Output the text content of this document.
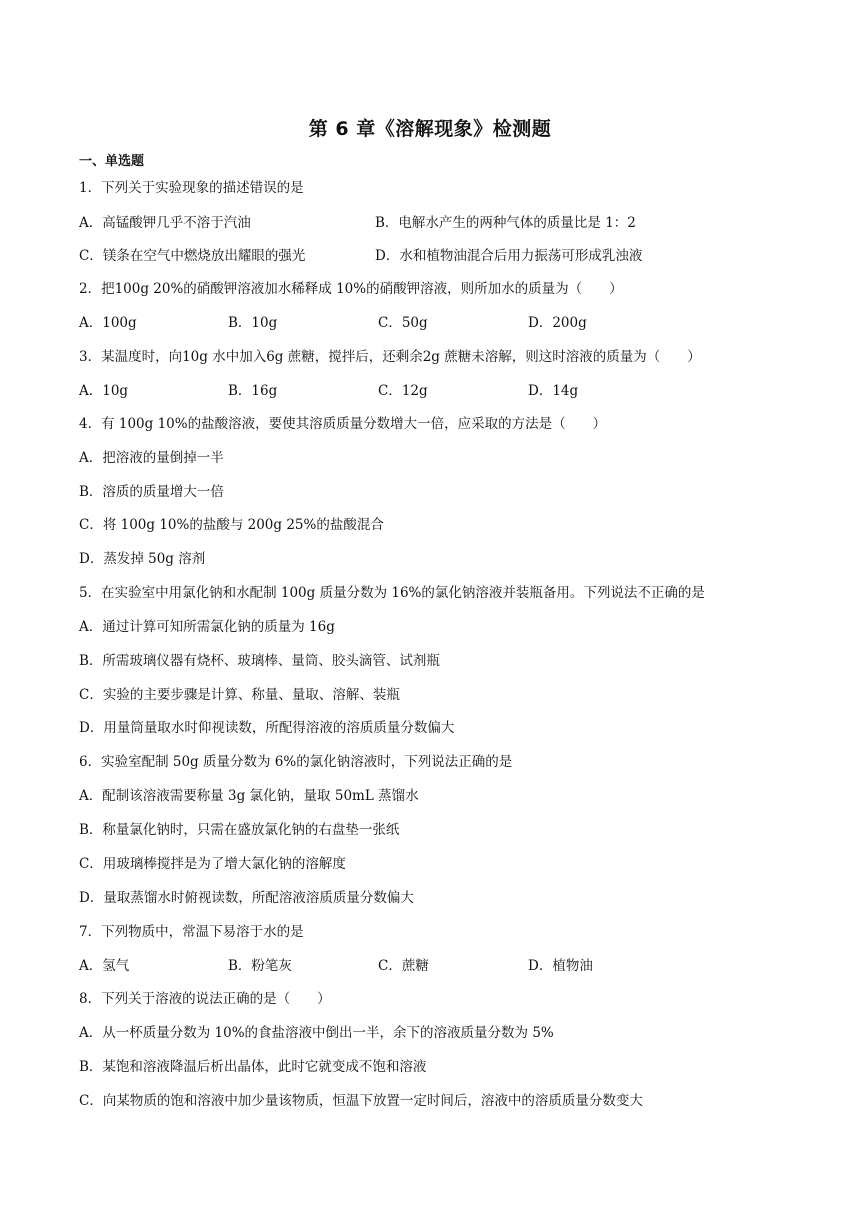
第 6 章《溶解现象》检测题
一、单选题
1．下列关于实验现象的描述错误的是
A．高锰酸钾几乎不溶于汽油	B．电解水产生的两种气体的质量比是 1：2
C．镁条在空气中燃烧放出耀眼的强光	D．水和植物油混合后用力振荡可形成乳浊液
2．把100g 20%的硝酸钾溶液加水稀释成 10%的硝酸钾溶液，则所加水的质量为（　　）
A．100g	B．10g	C．50g	D．200g
3．某温度时，向10g 水中加入6g 蔗糖，搅拌后，还剩余2g 蔗糖未溶解，则这时溶液的质量为（　　）
A．10g	B．16g	C．12g	D．14g
4．有 100g 10%的盐酸溶液，要使其溶质质量分数增大一倍，应采取的方法是（　　）
A．把溶液的量倒掉一半
B．溶质的质量增大一倍
C．将 100g 10%的盐酸与 200g 25%的盐酸混合
D．蒸发掉 50g 溶剂
5．在实验室中用氯化钠和水配制 100g 质量分数为 16%的氯化钠溶液并装瓶备用。下列说法不正确的是
A．通过计算可知所需氯化钠的质量为 16g
B．所需玻璃仪器有烧杯、玻璃棒、量筒、胶头滴管、试剂瓶
C．实验的主要步骤是计算、称量、量取、溶解、装瓶
D．用量筒量取水时仰视读数，所配得溶液的溶质质量分数偏大
6．实验室配制 50g 质量分数为 6%的氯化钠溶液时，下列说法正确的是
A．配制该溶液需要称量 3g 氯化钠，量取 50mL 蒸馏水
B．称量氯化钠时，只需在盛放氯化钠的右盘垫一张纸
C．用玻璃棒搅拌是为了增大氯化钠的溶解度
D．量取蒸馏水时俯视读数，所配溶液溶质质量分数偏大
7．下列物质中，常温下易溶于水的是
A．氢气	B．粉笔灰	C．蔗糖	D．植物油
8．下列关于溶液的说法正确的是（　　）
A．从一杯质量分数为 10%的食盐溶液中倒出一半，余下的溶液质量分数为 5%
B．某饱和溶液降温后析出晶体，此时它就变成不饱和溶液
C．向某物质的饱和溶液中加少量该物质，恒温下放置一定时间后，溶液中的溶质质量分数变大
